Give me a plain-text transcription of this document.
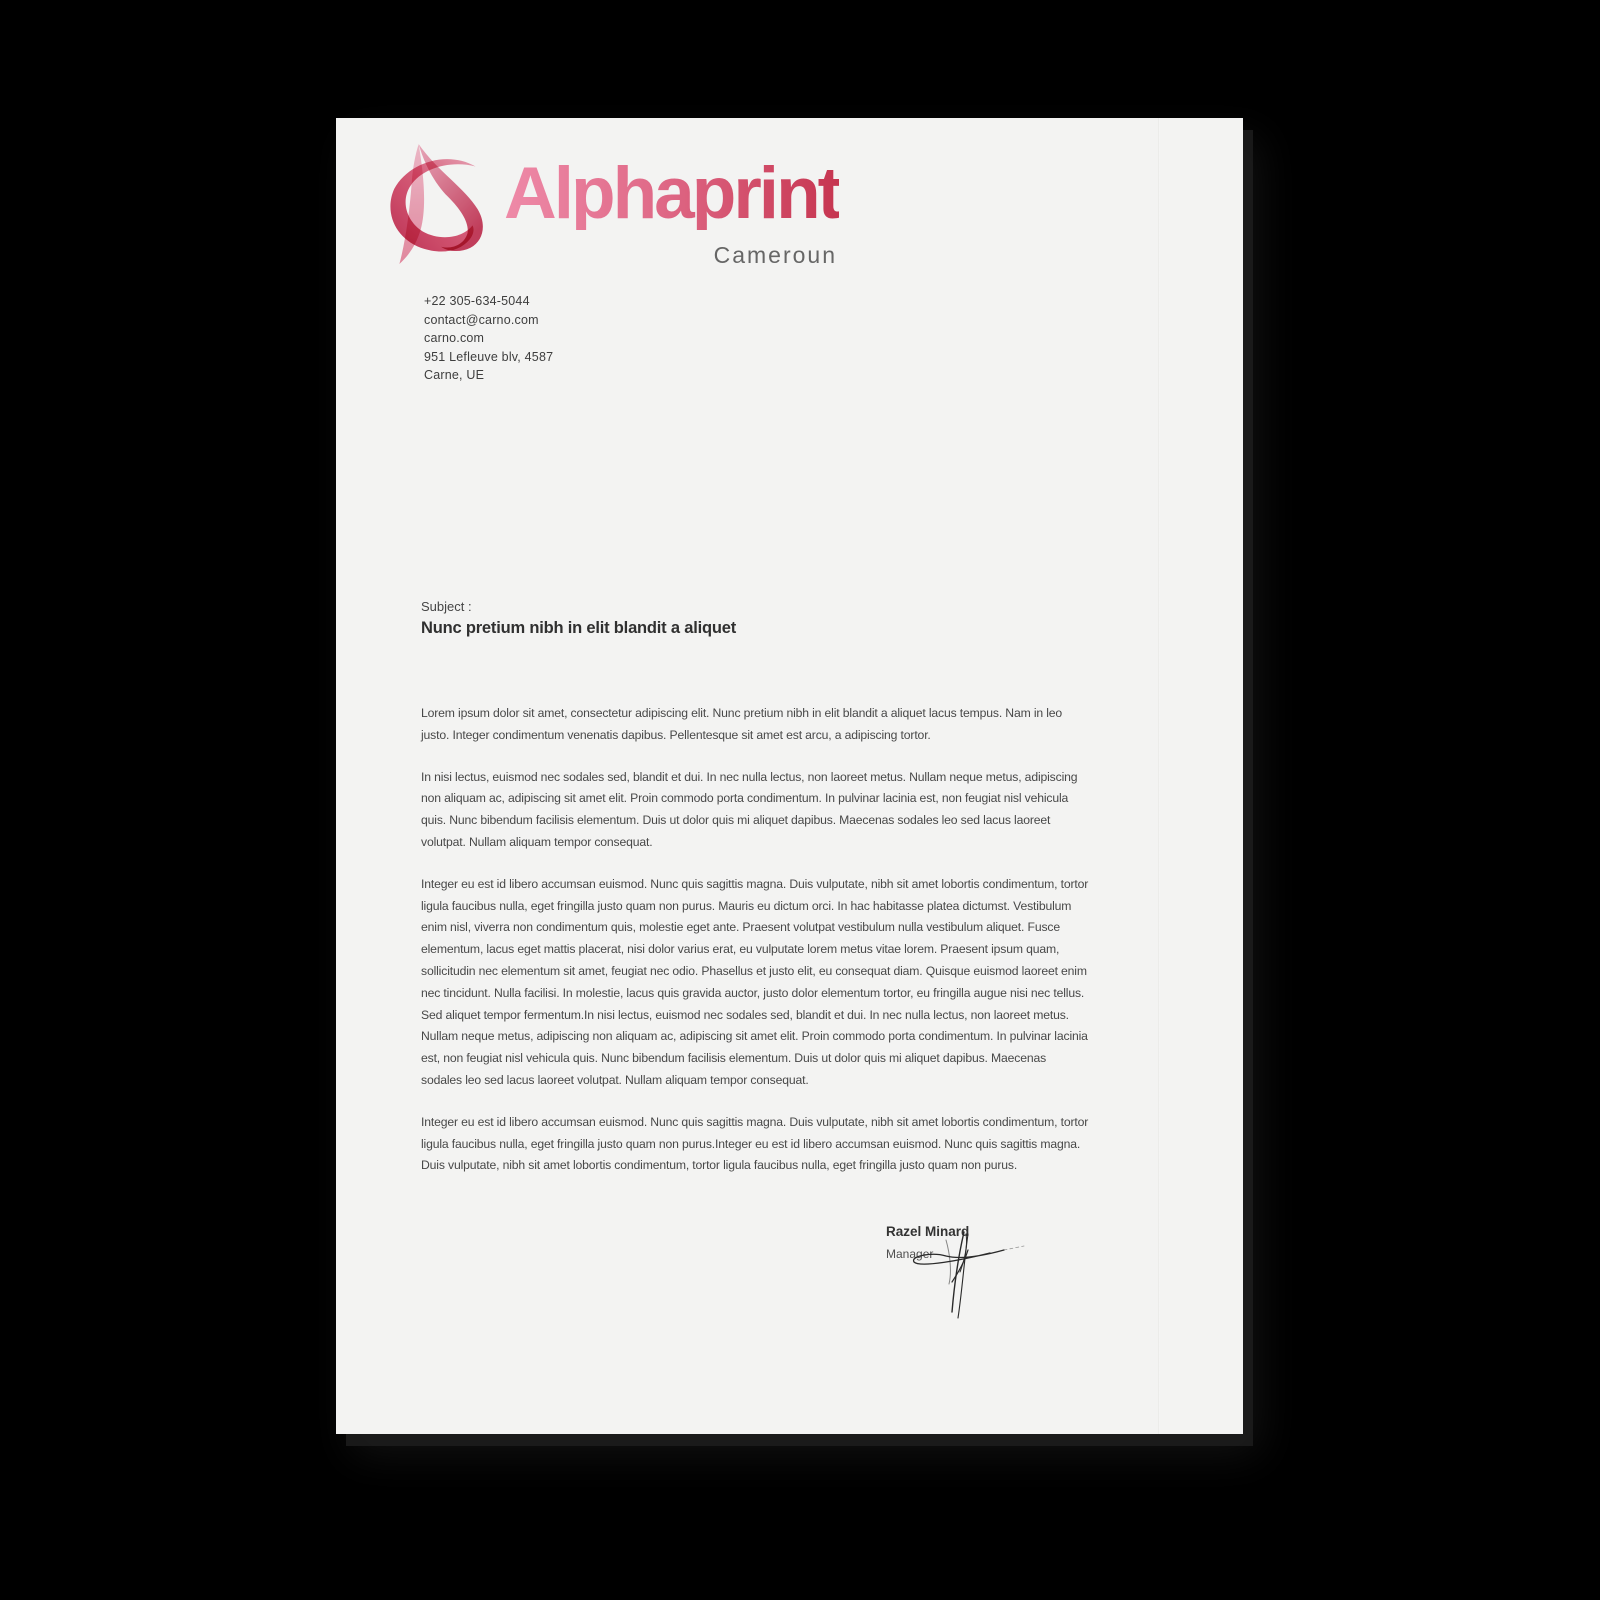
Alphaprint
Cameroun
+22 305-634-5044
contact@carno.com
carno.com
951 Lefleuve blv, 4587
Carne, UE
Subject :
Nunc pretium nibh in elit blandit a aliquet

Lorem ipsum dolor sit amet, consectetur adipiscing elit. Nunc pretium nibh in elit blandit a aliquet lacus tempus. Nam in leo justo. Integer condimentum venenatis dapibus. Pellentesque sit amet est arcu, a adipiscing tortor.

In nisi lectus, euismod nec sodales sed, blandit et dui. In nec nulla lectus, non laoreet metus. Nullam neque metus, adipiscing non aliquam ac, adipiscing sit amet elit. Proin commodo porta condimentum. In pulvinar lacinia est, non feugiat nisl vehicula quis. Nunc bibendum facilisis elementum. Duis ut dolor quis mi aliquet dapibus. Maecenas sodales leo sed lacus laoreet volutpat. Nullam aliquam tempor consequat.

Integer eu est id libero accumsan euismod. Nunc quis sagittis magna. Duis vulputate, nibh sit amet lobortis condimentum, tortor ligula faucibus nulla, eget fringilla justo quam non purus. Mauris eu dictum orci. In hac habitasse platea dictumst. Vestibulum enim nisl, viverra non condimentum quis, molestie eget ante. Praesent volutpat vestibulum nulla vestibulum aliquet. Fusce elementum, lacus eget mattis placerat, nisi dolor varius erat, eu vulputate lorem metus vitae lorem. Praesent ipsum quam, sollicitudin nec elementum sit amet, feugiat nec odio. Phasellus et justo elit, eu consequat diam. Quisque euismod laoreet enim nec tincidunt. Nulla facilisi. In molestie, lacus quis gravida auctor, justo dolor elementum tortor, eu fringilla augue nisi nec tellus. Sed aliquet tempor fermentum.In nisi lectus, euismod nec sodales sed, blandit et dui. In nec nulla lectus, non laoreet metus. Nullam neque metus, adipiscing non aliquam ac, adipiscing sit amet elit. Proin commodo porta condimentum. In pulvinar lacinia est, non feugiat nisl vehicula quis. Nunc bibendum facilisis elementum. Duis ut dolor quis mi aliquet dapibus. Maecenas sodales leo sed lacus laoreet volutpat. Nullam aliquam tempor consequat.

Integer eu est id libero accumsan euismod. Nunc quis sagittis magna. Duis vulputate, nibh sit amet lobortis condimentum, tortor ligula faucibus nulla, eget fringilla justo quam non purus.Integer eu est id libero accumsan euismod. Nunc quis sagittis magna. Duis vulputate, nibh sit amet lobortis condimentum, tortor ligula faucibus nulla, eget fringilla justo quam non purus.

Razel Minard
Manager
